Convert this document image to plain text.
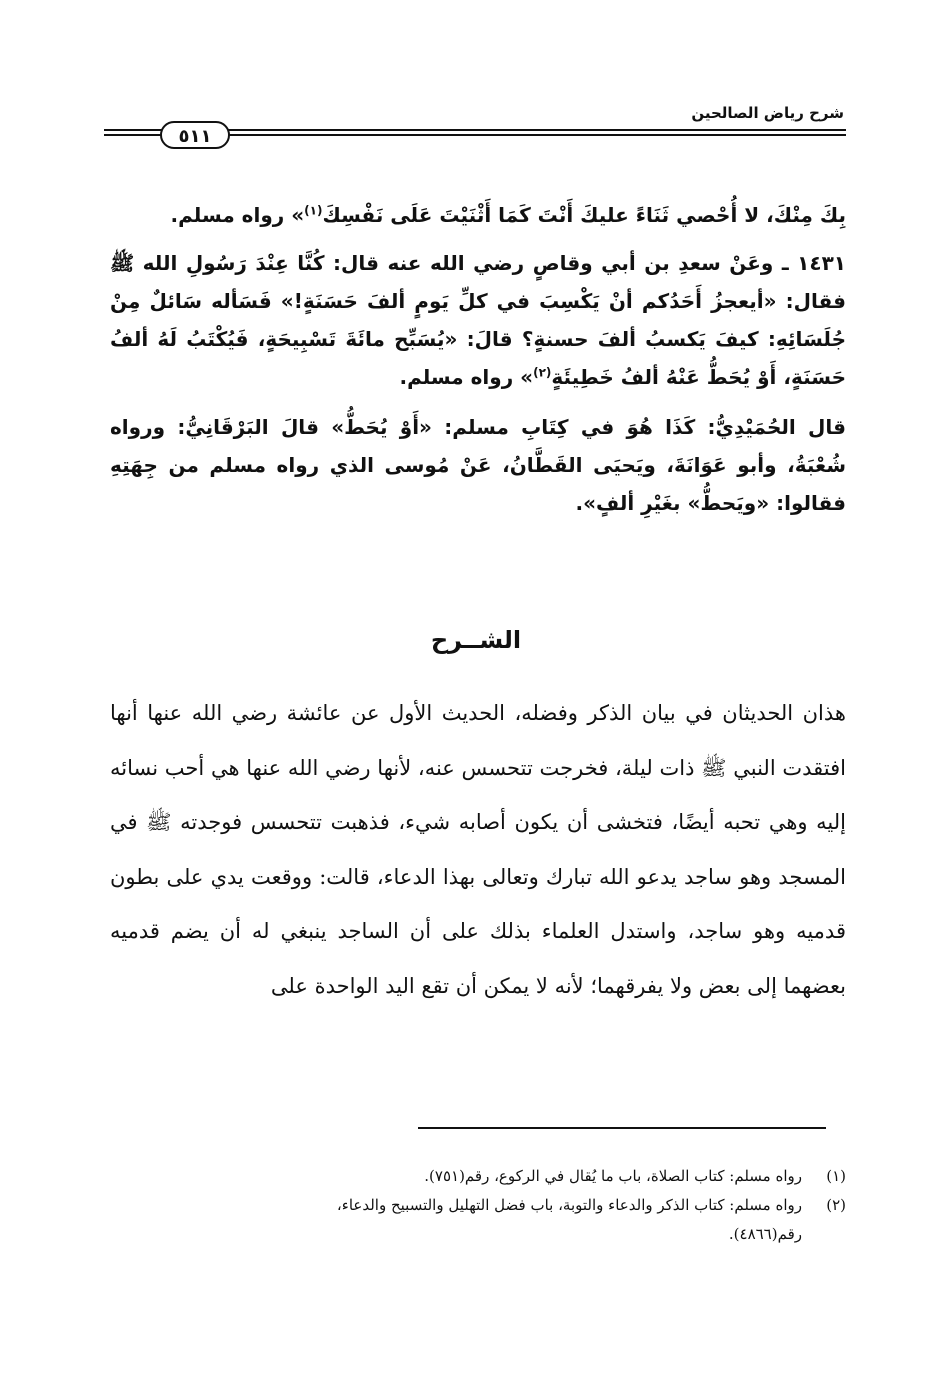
شرح رياض الصالحين
٥١١

بِكَ مِنْكَ، لا أُحْصي ثَنَاءً عليكَ أَنْتَ كَمَا أَثْنَيْتَ عَلَى نَفْسِكَ$^{(١)}$» رواه مسلم.

١٤٣١ ـ وعَنْ سعدِ بن أبي وقاصٍ رضي الله عنه قال: كُنَّا عِنْدَ رَسُولِ الله ﷺ فقال: «أيعجزُ أَحَدُكم أنْ يَكْسِبَ في كلِّ يَومٍ ألفَ حَسَنَةٍ!» فَسَأله سَائلٌ مِنْ جُلَسَائِهِ: كيفَ يَكسبُ ألفَ حسنةٍ؟ قالَ: «يُسَبِّح مائَةَ تَسْبِيحَةٍ، فَيُكْتَبُ لَهُ ألفُ حَسَنَةٍ، أَوْ يُحَطُّ عَنْهُ ألفُ خَطِيئَةٍ$^{(٢)}$» رواه مسلم.

قال الحُمَيْدِيُّ: كَذَا هُوَ في كِتَابِ مسلم: «أَوْ يُحَطُّ» قالَ البَرْقَانِيُّ: ورواه شُعْبَةُ، وأبو عَوَانَةَ، ويَحيَى القَطَّانُ، عَنْ مُوسى الذي رواه مسلم من جِهَتِهِ فقالوا: «ويَحطُّ» بغَيْرِ ألفٍ».

الشــرح

هذان الحديثان في بيان الذكر وفضله، الحديث الأول عن عائشة رضي الله عنها أنها افتقدت النبي ﷺ ذات ليلة، فخرجت تتحسس عنه، لأنها رضي الله عنها هي أحب نسائه إليه وهي تحبه أيضًا، فتخشى أن يكون أصابه شيء، فذهبت تتحسس فوجدته ﷺ في المسجد وهو ساجد يدعو الله تبارك وتعالى بهذا الدعاء، قالت: ووقعت يدي على بطون قدميه وهو ساجد، واستدل العلماء بذلك على أن الساجد ينبغي له أن يضم قدميه بعضهما إلى بعض ولا يفرقهما؛ لأنه لا يمكن أن تقع اليد الواحدة على

(١)رواه مسلم: كتاب الصلاة، باب ما يُقال في الركوع، رقم(٧٥١).
(٢)رواه مسلم: كتاب الذكر والدعاء والتوبة، باب فضل التهليل والتسبيح والدعاء،
رقم(٤٨٦٦).
